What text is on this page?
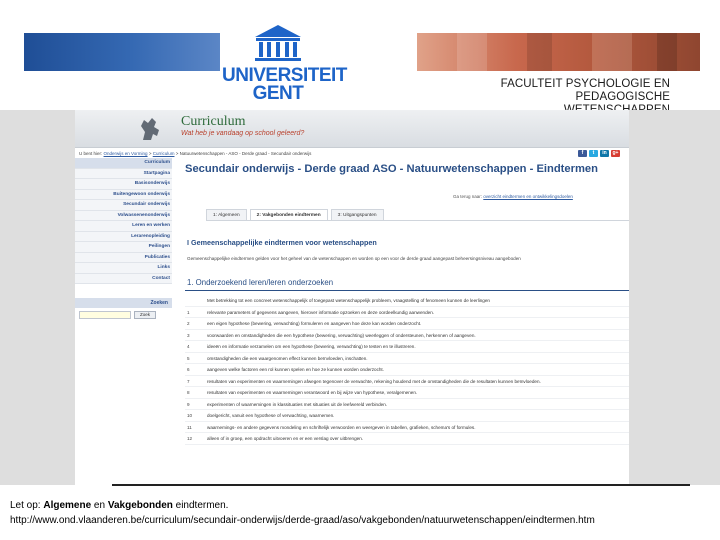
UNIVERSITEIT
GENT	FACULTEIT PSYCHOLOGIE EN
PEDAGOGISCHE
Curriculum
Wat heb je vandaag op school geleerd?
U bent hier: Onderwijs en Vorming > Curriculum > Natuurwetenschappen - ASO - Derde graad - Secundair onderwijs	f	t	in	g+
Curriculum
Startpagina
Basisonderwijs
Buitengewoon onderwijs
Secundair onderwijs
Volwassenenonderwijs
Leren en werken
Lerarenopleiding
Peilingen
Publicaties
Links
Contact
Zoeken
Zoek
Secundair onderwijs - Derde graad ASO - Natuurwetenschappen - Eindtermen
Ga terug naar: overzicht eindtermen en ontwikkelingsdoelen
1: Algemeen	2: Vakgebonden eindtermen	3: Uitgangspunten
I Gemeenschappelijke eindtermen voor wetenschappen
Gemeenschappelijke eindtermen gelden voor het geheel van de wetenschappen en worden op een voor de derde graad aangepast beheersingsniveau aangeboden
1. Onderzoekend leren/leren onderzoeken
Met betrekking tot een concreet wetenschappelijk of toegepast wetenschappelijk probleem, vraagstelling of fenomeen kunnen de leerlingen
1	relevante parameters of gegevens aangeven, hierover informatie opzoeken en deze oordeelkundig aanwenden.
2	een eigen hypothese (bewering, verwachting) formuleren en aangeven hoe deze kan worden onderzocht.
3	voorwaarden en omstandigheden die een hypothese (bewering, verwachting) weerleggen of ondersteunen, herkennen of aangeven.
4	ideeën en informatie verzamelen om een hypothese (bewering, verwachting) te testen en te illustreren.
5	omstandigheden die een waargenomen effect kunnen beïnvloeden, inschatten.
6	aangeven welke factoren een rol kunnen spelen en hoe ze kunnen worden onderzocht.
7	resultaten van experimenten en waarnemingen afwegen tegenover de verwachte, rekening houdend met de omstandigheden die de resultaten kunnen beïnvloeden.
8	resultaten van experimenten en waarnemingen verantwoord en bij wijze van hypothese, veralgemenen.
9	experimenten of waarnemingen in klassituaties met situaties uit de leefwereld verbinden.
10	doelgericht, vanuit een hypothese of verwachting, waarnemen.
11	waarnemings- en andere gegevens mondeling en schriftelijk verwoorden en weergeven in tabellen, grafieken, schema's of formules.
12	alleen of in groep, een opdracht uitvoeren en er een verslag over uitbrengen.
Let op: Algemene en Vakgebonden eindtermen.
http://www.ond.vlaanderen.be/curriculum/secundair-onderwijs/derde-graad/aso/vakgebonden/natuurwetenschappen/eindtermen.htm
